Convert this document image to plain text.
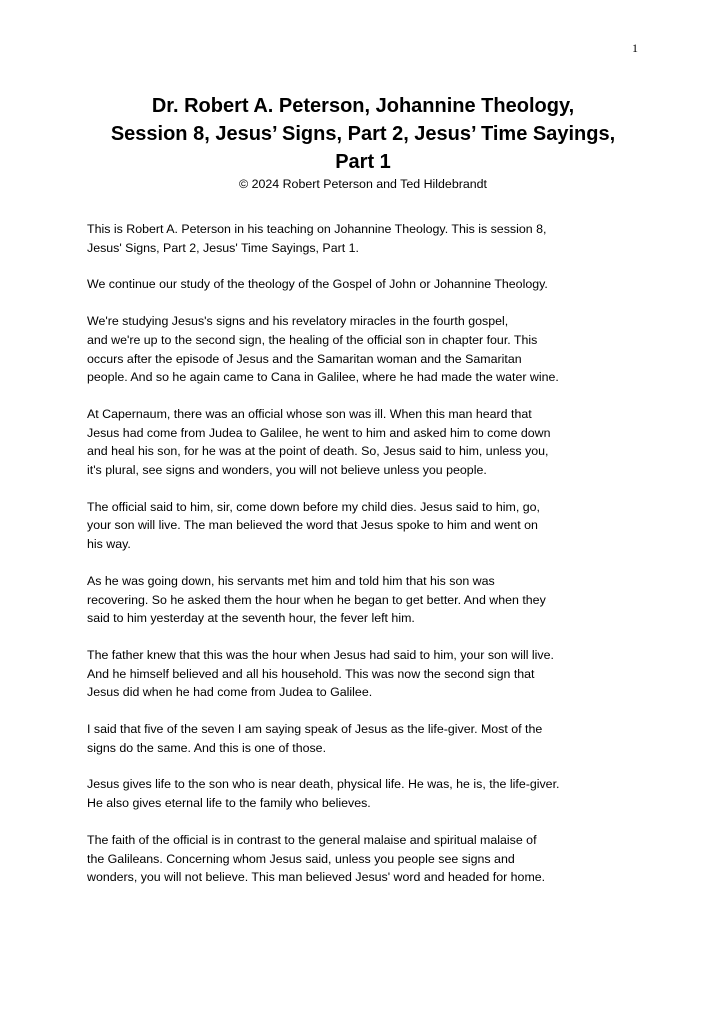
1
Dr. Robert A. Peterson, Johannine Theology,
Session 8, Jesus’ Signs, Part 2, Jesus’ Time Sayings,
Part 1
© 2024 Robert Peterson and Ted Hildebrandt

This is Robert A. Peterson in his teaching on Johannine Theology. This is session 8,
Jesus' Signs, Part 2, Jesus' Time Sayings, Part 1.

We continue our study of the theology of the Gospel of John or Johannine Theology.

We're studying Jesus's signs and his revelatory miracles in the fourth gospel,
and we're up to the second sign, the healing of the official son in chapter four. This
occurs after the episode of Jesus and the Samaritan woman and the Samaritan
people. And so he again came to Cana in Galilee, where he had made the water wine.

At Capernaum, there was an official whose son was ill. When this man heard that
Jesus had come from Judea to Galilee, he went to him and asked him to come down
and heal his son, for he was at the point of death. So, Jesus said to him, unless you,
it's plural, see signs and wonders, you will not believe unless you people.

The official said to him, sir, come down before my child dies. Jesus said to him, go,
your son will live. The man believed the word that Jesus spoke to him and went on
his way.

As he was going down, his servants met him and told him that his son was
recovering. So he asked them the hour when he began to get better. And when they
said to him yesterday at the seventh hour, the fever left him.

The father knew that this was the hour when Jesus had said to him, your son will live.
And he himself believed and all his household. This was now the second sign that
Jesus did when he had come from Judea to Galilee.

I said that five of the seven I am saying speak of Jesus as the life-giver. Most of the
signs do the same. And this is one of those.

Jesus gives life to the son who is near death, physical life. He was, he is, the life-giver.
He also gives eternal life to the family who believes.

The faith of the official is in contrast to the general malaise and spiritual malaise of
the Galileans. Concerning whom Jesus said, unless you people see signs and
wonders, you will not believe. This man believed Jesus' word and headed for home.
